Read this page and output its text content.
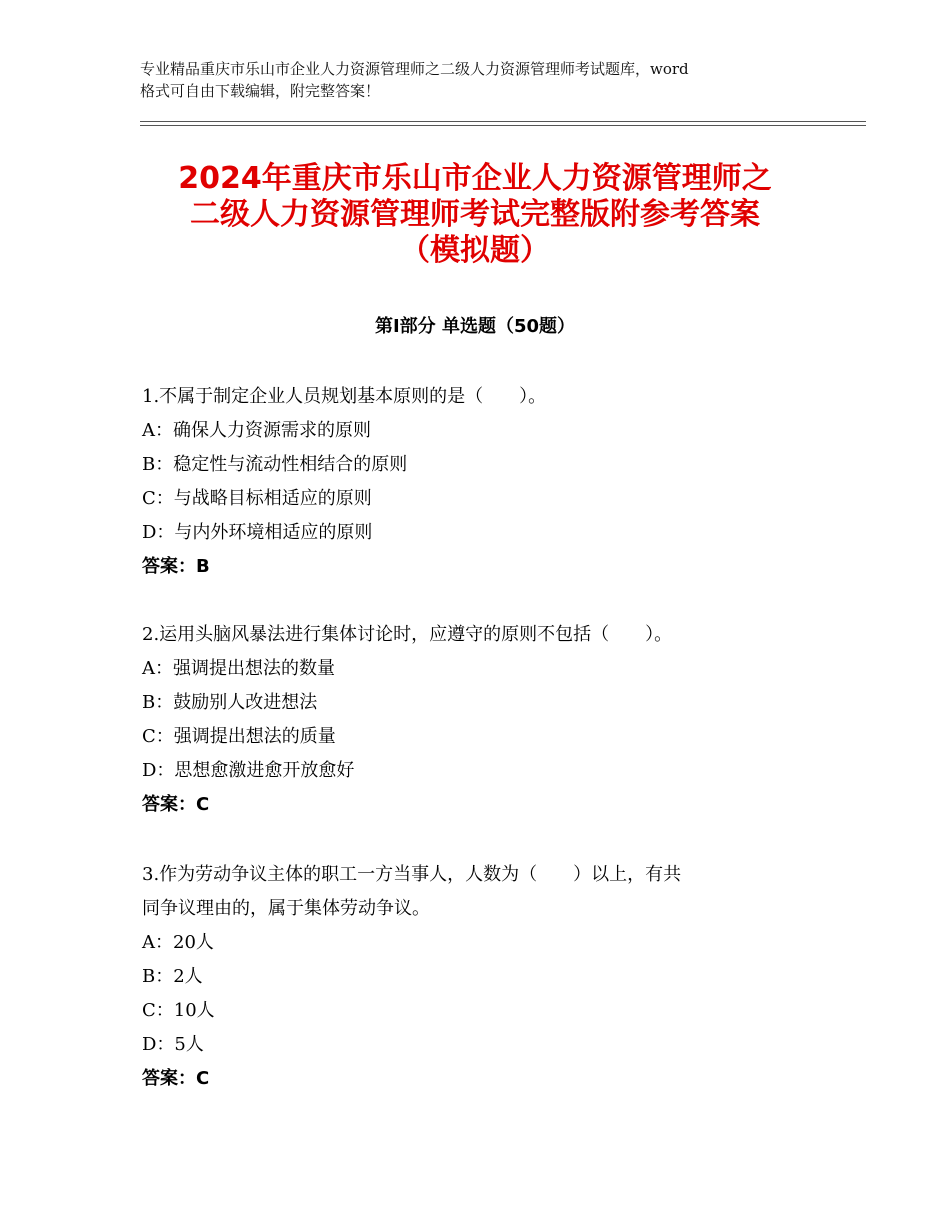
专业精品重庆市乐山市企业人力资源管理师之二级人力资源管理师考试题库，word
格式可自由下载编辑，附完整答案！
2024年重庆市乐山市企业人力资源管理师之
二级人力资源管理师考试完整版附参考答案
（模拟题）
第Ⅰ部分 单选题（50题）
1.不属于制定企业人员规划基本原则的是（　　）。
A：确保人力资源需求的原则
B：稳定性与流动性相结合的原则
C：与战略目标相适应的原则
D：与内外环境相适应的原则
答案：B
2.运用头脑风暴法进行集体讨论时，应遵守的原则不包括（　　）。
A：强调提出想法的数量
B：鼓励别人改进想法
C：强调提出想法的质量
D：思想愈激进愈开放愈好
答案：C
3.作为劳动争议主体的职工一方当事人，人数为（　　）以上，有共
同争议理由的，属于集体劳动争议。
A：20人
B：2人
C：10人
D：5人
答案：C
